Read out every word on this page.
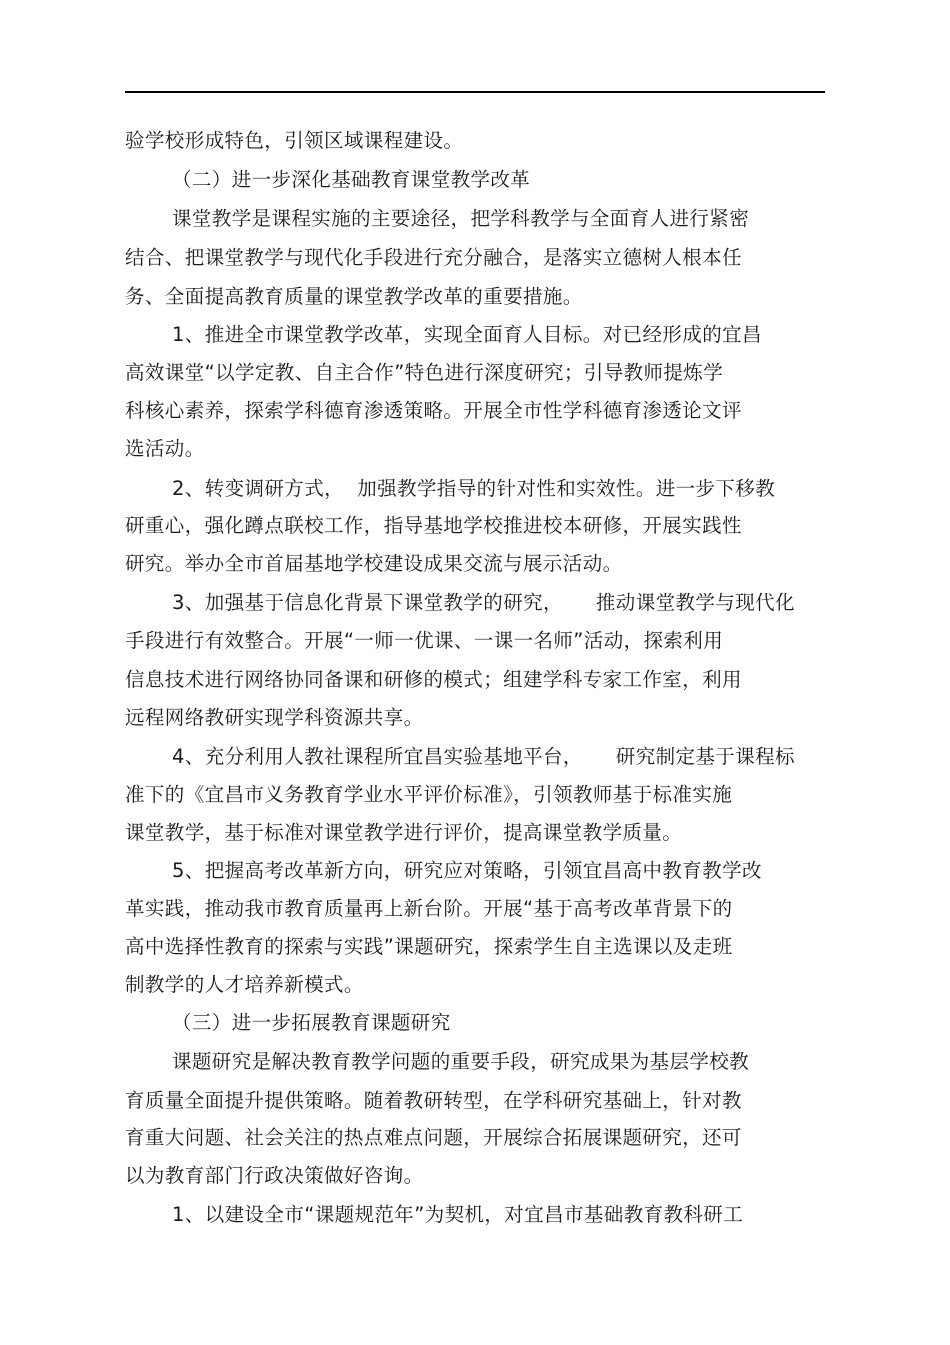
验学校形成特色，引领区域课程建设。
（二）进一步深化基础教育课堂教学改革
课堂教学是课程实施的主要途径，把学科教学与全面育人进行紧密
结合、把课堂教学与现代化手段进行充分融合，是落实立德树人根本任
务、全面提高教育质量的课堂教学改革的重要措施。
1、推进全市课堂教学改革，实现全面育人目标。对已经形成的宜昌
高效课堂“以学定教、自主合作”特色进行深度研究；引导教师提炼学
科核心素养，探索学科德育渗透策略。开展全市性学科德育渗透论文评
选活动。
2、转变调研方式，  加强教学指导的针对性和实效性。进一步下移教
研重心，强化蹲点联校工作，指导基地学校推进校本研修，开展实践性
研究。举办全市首届基地学校建设成果交流与展示活动。
3、加强基于信息化背景下课堂教学的研究，     推动课堂教学与现代化
手段进行有效整合。开展“一师一优课、一课一名师”活动，探索利用
信息技术进行网络协同备课和研修的模式；组建学科专家工作室，利用
远程网络教研实现学科资源共享。
4、充分利用人教社课程所宜昌实验基地平台，     研究制定基于课程标
准下的《宜昌市义务教育学业水平评价标准》，引领教师基于标准实施
课堂教学，基于标准对课堂教学进行评价，提高课堂教学质量。
5、把握高考改革新方向，研究应对策略，引领宜昌高中教育教学改
革实践，推动我市教育质量再上新台阶。开展“基于高考改革背景下的
高中选择性教育的探索与实践”课题研究，探索学生自主选课以及走班
制教学的人才培养新模式。
（三）进一步拓展教育课题研究
课题研究是解决教育教学问题的重要手段，研究成果为基层学校教
育质量全面提升提供策略。随着教研转型，在学科研究基础上，针对教
育重大问题、社会关注的热点难点问题，开展综合拓展课题研究，还可
以为教育部门行政决策做好咨询。
1、以建设全市“课题规范年”为契机，对宜昌市基础教育教科研工
